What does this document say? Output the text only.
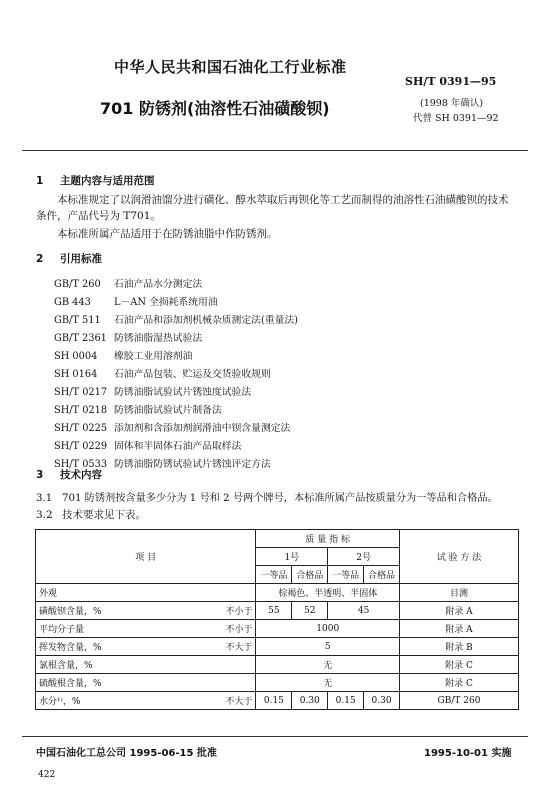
中华人民共和国石油化工行业标准
SH/T 0391—95
701 防锈剂(油溶性石油磺酸钡)	(1998 年确认)
代替 SH 0391—92
1 主题内容与适用范围
本标准规定了以润滑油馏分进行磺化、醇水萃取后再钡化等工艺而制得的油溶性石油磺酸钡的技术条件，产品代号为 T701。
本标准所属产品适用于在防锈油脂中作防锈剂。
2 引用标准
GB/T 260 石油产品水分测定法
GB 443 L－AN 全损耗系统用油
GB/T 511 石油产品和添加剂机械杂质测定法(重量法)
GB/T 2361 防锈油脂湿热试验法
SH 0004 橡胶工业用溶剂油
SH 0164 石油产品包装、贮运及交货验收规则
SH/T 0217 防锈油脂试验试片锈蚀度试验法
SH/T 0218 防锈油脂试验试片制备法
SH/T 0225 添加剂和含添加剂润滑油中钡含量测定法
SH/T 0229 固体和半固体石油产品取样法
SH/T 0533 防锈油脂防锈试验试片锈蚀评定方法
3 技术内容
3.1 701 防锈剂按含量多少分为 1 号和 2 号两个牌号，本标准所属产品按质量分为一等品和合格品。
3.2 技术要求见下表。
项 目		质 量 指 标				试 验 方 法
		1号		2号		
		一等品	合格品	一等品	合格品	
外观		棕褐色、半透明、半固体				目测
磺酸钡含量，%	不小于	55	52	45		附录 A
平均分子量	不小于	1000				附录 A
挥发物含量，%	不大于	5				附录 B
氯根含量，%		无				附录 C
硫酸根含量，%		无				附录 C
水分¹⁾，%	不大于	0.15	0.30	0.15	0.30	GB/T 260
中国石油化工总公司 1995-06-15 批准	1995-10-01 实施
422
